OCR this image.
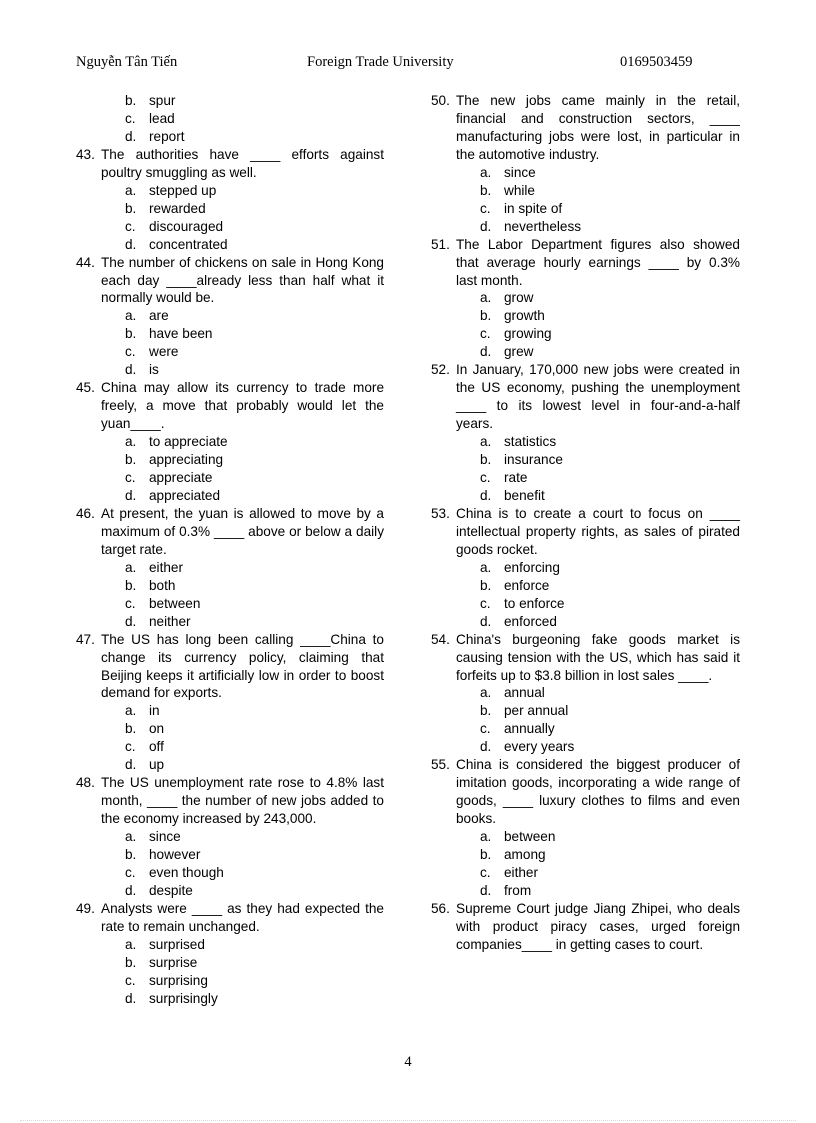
Nguyễn Tân Tiến	Foreign Trade University	0169503459
b. spur
c. lead
d. report
43. The authorities have ____ efforts against poultry smuggling as well.
a. stepped up
b. rewarded
c. discouraged
d. concentrated
44. The number of chickens on sale in Hong Kong each day ____already less than half what it normally would be.
a. are
b. have been
c. were
d. is
45. China may allow its currency to trade more freely, a move that probably would let the yuan____.
a. to appreciate
b. appreciating
c. appreciate
d. appreciated
46. At present, the yuan is allowed to move by a maximum of 0.3% ____ above or below a daily target rate.
a. either
b. both
c. between
d. neither
47. The US has long been calling ____China to change its currency policy, claiming that Beijing keeps it artificially low in order to boost demand for exports.
a. in
b. on
c. off
d. up
48. The US unemployment rate rose to 4.8% last month, ____ the number of new jobs added to the economy increased by 243,000.
a. since
b. however
c. even though
d. despite
49. Analysts were ____ as they had expected the rate to remain unchanged.
a. surprised
b. surprise
c. surprising
d. surprisingly
50. The new jobs came mainly in the retail, financial and construction sectors, ____ manufacturing jobs were lost, in particular in the automotive industry.
a. since
b. while
c. in spite of
d. nevertheless
51. The Labor Department figures also showed that average hourly earnings ____ by 0.3% last month.
a. grow
b. growth
c. growing
d. grew
52. In January, 170,000 new jobs were created in the US economy, pushing the unemployment ____ to its lowest level in four-and-a-half years.
a. statistics
b. insurance
c. rate
d. benefit
53. China is to create a court to focus on ____ intellectual property rights, as sales of pirated goods rocket.
a. enforcing
b. enforce
c. to enforce
d. enforced
54. China's burgeoning fake goods market is causing tension with the US, which has said it forfeits up to $3.8 billion in lost sales ____.
a. annual
b. per annual
c. annually
d. every years
55. China is considered the biggest producer of imitation goods, incorporating a wide range of goods, ____ luxury clothes to films and even books.
a. between
b. among
c. either
d. from
56. Supreme Court judge Jiang Zhipei, who deals with product piracy cases, urged foreign companies____ in getting cases to court.
4
